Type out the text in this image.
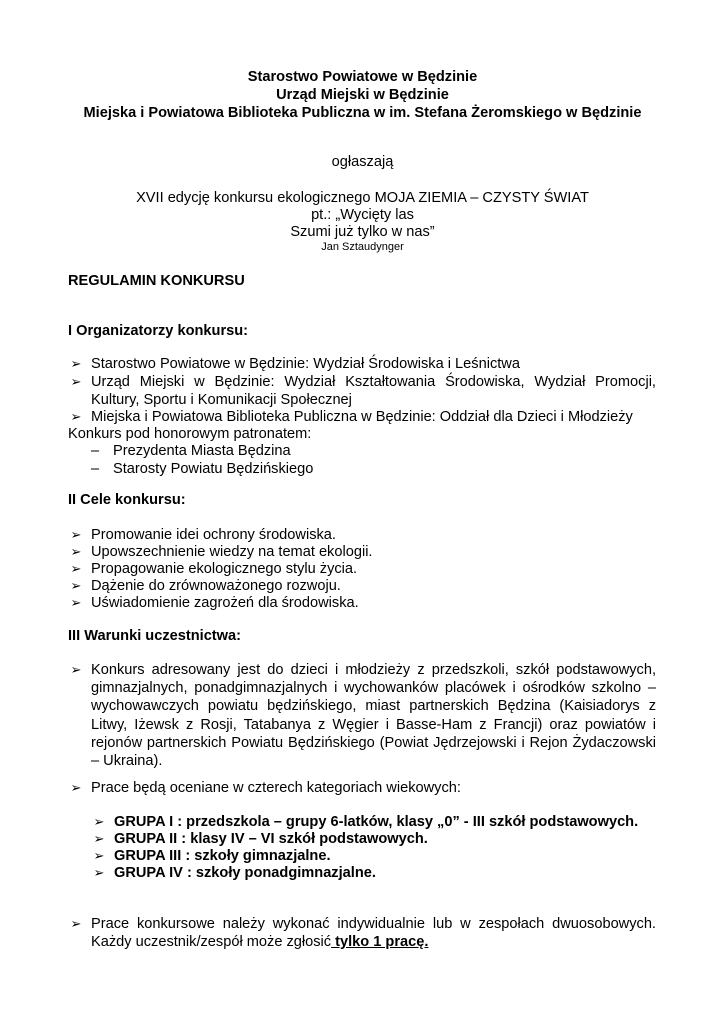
Starostwo Powiatowe w Będzinie
Urząd Miejski w Będzinie
Miejska i Powiatowa Biblioteka Publiczna w im. Stefana Żeromskiego w Będzinie
ogłaszają
XVII edycję konkursu ekologicznego MOJA ZIEMIA – CZYSTY ŚWIAT
pt.: „Wycięty las
Szumi już tylko w nas”
Jan Sztaudynger
REGULAMIN KONKURSU
I Organizatorzy konkursu:
➢ Starostwo Powiatowe w Będzinie: Wydział Środowiska i Leśnictwa
➢ Urząd Miejski w Będzinie: Wydział Kształtowania Środowiska, Wydział Promocji, Kultury, Sportu i Komunikacji Społecznej
➢ Miejska i Powiatowa Biblioteka Publiczna w Będzinie: Oddział dla Dzieci i Młodzieży
Konkurs pod honorowym patronatem:
– Prezydenta Miasta Będzina
– Starosty Powiatu Będzińskiego
II Cele konkursu:
➢ Promowanie idei ochrony środowiska.
➢ Upowszechnienie wiedzy na temat ekologii.
➢ Propagowanie ekologicznego stylu życia.
➢ Dążenie do zrównoważonego rozwoju.
➢ Uświadomienie zagrożeń dla środowiska.
III Warunki uczestnictwa:
➢ Konkurs adresowany jest do dzieci i młodzieży z przedszkoli, szkół podstawowych, gimnazjalnych, ponadgimnazjalnych i wychowanków placówek i ośrodków szkolno – wychowawczych powiatu będzińskiego, miast partnerskich Będzina (Kaisiadorys z Litwy, Iżewsk z Rosji, Tatabanya z Węgier i Basse-Ham z Francji) oraz powiatów i rejonów partnerskich Powiatu Będzińskiego (Powiat Jędrzejowski i Rejon Żydaczowski – Ukraina).
➢ Prace będą oceniane w czterech kategoriach wiekowych:
➢ GRUPA I : przedszkola – grupy 6-latków, klasy „0” - III szkół podstawowych.
➢ GRUPA II : klasy IV – VI szkół podstawowych.
➢ GRUPA III : szkoły gimnazjalne.
➢ GRUPA IV : szkoły ponadgimnazjalne.
➢ Prace konkursowe należy wykonać indywidualnie lub w zespołach dwuosobowych. Każdy uczestnik/zespół może zgłosić tylko 1 pracę.
